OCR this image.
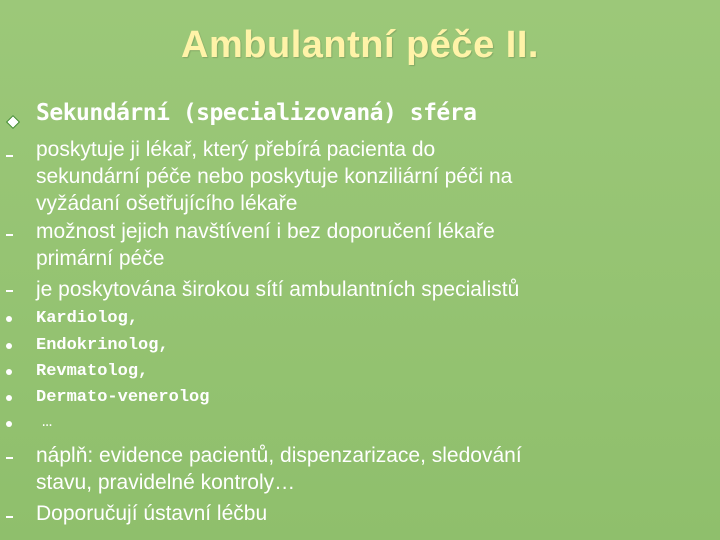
Ambulantní péče II.
Sekundární (specializovaná) sféra
poskytuje ji lékař, který přebírá pacienta do
sekundární péče nebo poskytuje konziliární péči na
vyžádaní ošetřujícího lékaře
možnost jejich navštívení i bez doporučení lékaře
primární péče
je poskytována širokou sítí ambulantních specialistů
Kardiolog,
Endokrinolog,
Revmatolog,
Dermato-venerolog
…
náplň: evidence pacientů, dispenzarizace, sledování
stavu, pravidelné kontroly…
Doporučují ústavní léčbu
